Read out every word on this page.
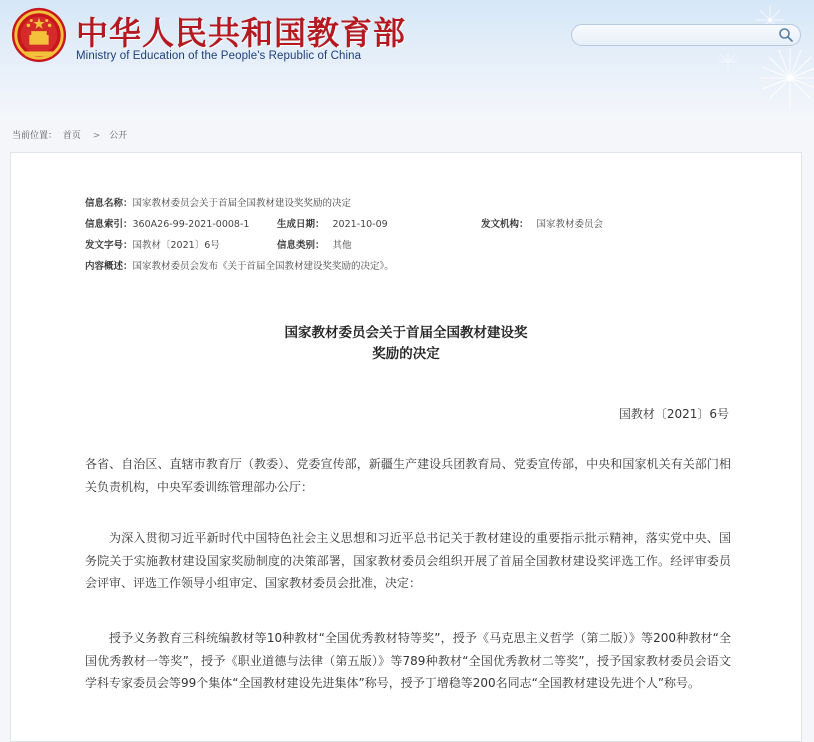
中华人民共和国教育部
Ministry of Education of the People's Republic of China
当前位置： 首页 > 公开
信息名称：国家教材委员会关于首届全国教材建设奖奖励的决定
信息索引：360A26-99-2021-0008-1	生成日期： 2021-10-09	发文机构： 国家教材委员会
发文字号：国教材〔2021〕6号	信息类别： 其他
内容概述：国家教材委员会发布《关于首届全国教材建设奖奖励的决定》。
国家教材委员会关于首届全国教材建设奖
奖励的决定
国教材〔2021〕6号
各省、自治区、直辖市教育厅（教委）、党委宣传部，新疆生产建设兵团教育局、党委宣传部，中央和国家机关有关部门相关负责机构，中央军委训练管理部办公厅：
为深入贯彻习近平新时代中国特色社会主义思想和习近平总书记关于教材建设的重要指示批示精神，落实党中央、国务院关于实施教材建设国家奖励制度的决策部署，国家教材委员会组织开展了首届全国教材建设奖评选工作。经评审委员会评审、评选工作领导小组审定、国家教材委员会批准，决定：
授予义务教育三科统编教材等10种教材“全国优秀教材特等奖”，授予《马克思主义哲学（第二版）》等200种教材“全国优秀教材一等奖”，授予《职业道德与法律（第五版）》等789种教材“全国优秀教材二等奖”，授予国家教材委员会语文学科专家委员会等99个集体“全国教材建设先进集体”称号，授予丁增稳等200名同志“全国教材建设先进个人”称号。
